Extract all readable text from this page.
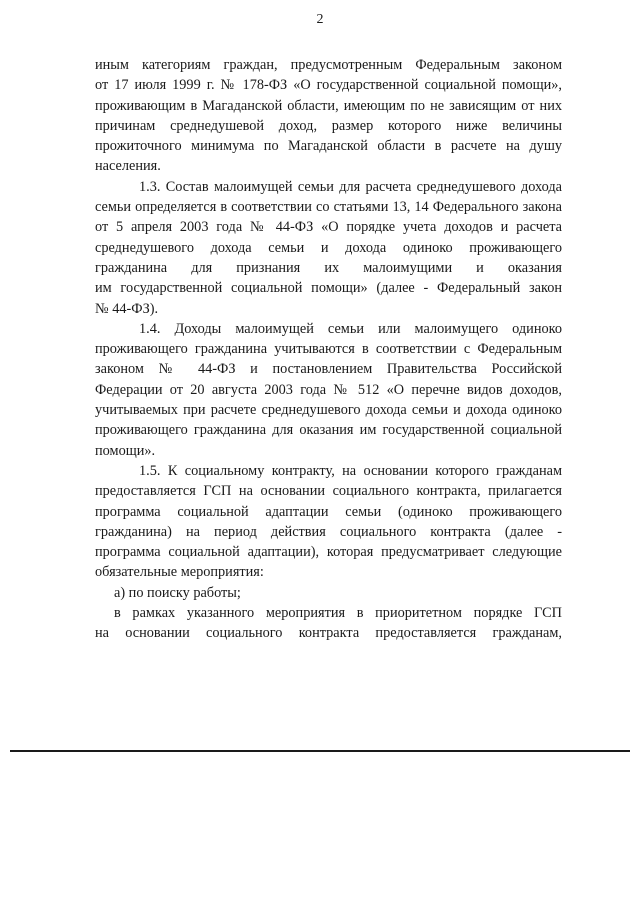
2
иным категориям граждан, предусмотренным Федеральным законом
от 17 июля 1999 г. № 178-ФЗ «О государственной социальной помощи»,
проживающим в Магаданской области, имеющим по не зависящим от них
причинам среднедушевой доход, размер которого ниже величины
прожиточного минимума по Магаданской области в расчете на душу
населения.
1.3. Состав малоимущей семьи для расчета среднедушевого дохода
семьи определяется в соответствии со статьями 13, 14 Федерального закона
от 5 апреля 2003 года № 44-ФЗ «О порядке учета доходов и расчета
среднедушевого дохода семьи и дохода одиноко проживающего
гражданина для признания их малоимущими и оказания
им государственной социальной помощи» (далее - Федеральный закон
№ 44-ФЗ).
1.4. Доходы малоимущей семьи или малоимущего одиноко
проживающего гражданина учитываются в соответствии с Федеральным
законом № 44-ФЗ и постановлением Правительства Российской
Федерации от 20 августа 2003 года № 512 «О перечне видов доходов,
учитываемых при расчете среднедушевого дохода семьи и дохода одиноко
проживающего гражданина для оказания им государственной социальной
помощи».
1.5. К социальному контракту, на основании которого гражданам
предоставляется ГСП на основании социального контракта, прилагается
программа социальной адаптации семьи (одиноко проживающего
гражданина) на период действия социального контракта (далее -
программа социальной адаптации), которая предусматривает следующие
обязательные мероприятия:
а) по поиску работы;
в рамках указанного мероприятия в приоритетном порядке ГСП
на основании социального контракта предоставляется гражданам,
